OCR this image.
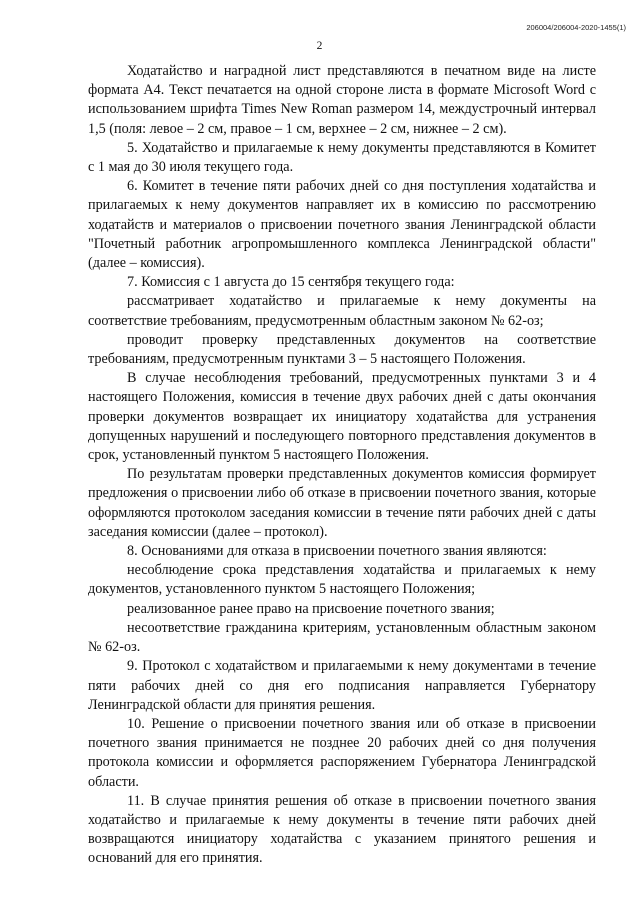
206004/206004-2020-1455(1)
2

Ходатайство и наградной лист представляются в печатном виде на листе формата А4. Текст печатается на одной стороне листа в формате Microsoft Word с использованием шрифта Times New Roman размером 14, междустрочный интервал 1,5 (поля: левое – 2 см, правое – 1 см, верхнее – 2 см, нижнее – 2 см).

5. Ходатайство и прилагаемые к нему документы представляются в Комитет с 1 мая до 30 июля текущего года.

6. Комитет в течение пяти рабочих дней со дня поступления ходатайства и прилагаемых к нему документов направляет их в комиссию по рассмотрению ходатайств и материалов о присвоении почетного звания Ленинградской области "Почетный работник агропромышленного комплекса Ленинградской области" (далее – комиссия).

7. Комиссия с 1 августа до 15 сентября текущего года:

рассматривает ходатайство и прилагаемые к нему документы на соответствие требованиям, предусмотренным областным законом № 62-оз;

проводит проверку представленных документов на соответствие требованиям, предусмотренным пунктами 3 – 5 настоящего Положения.

В случае несоблюдения требований, предусмотренных пунктами 3 и 4 настоящего Положения, комиссия в течение двух рабочих дней с даты окончания проверки документов возвращает их инициатору ходатайства для устранения допущенных нарушений и последующего повторного представления документов в срок, установленный пунктом 5 настоящего Положения.

По результатам проверки представленных документов комиссия формирует предложения о присвоении либо об отказе в присвоении почетного звания, которые оформляются протоколом заседания комиссии в течение пяти рабочих дней с даты заседания комиссии (далее – протокол).

8. Основаниями для отказа в присвоении почетного звания являются:

несоблюдение срока представления ходатайства и прилагаемых к нему документов, установленного пунктом 5 настоящего Положения;

реализованное ранее право на присвоение почетного звания;

несоответствие гражданина критериям, установленным областным законом № 62-оз.

9. Протокол с ходатайством и прилагаемыми к нему документами в течение пяти рабочих дней со дня его подписания направляется Губернатору Ленинградской области для принятия решения.

10. Решение о присвоении почетного звания или об отказе в присвоении почетного звания принимается не позднее 20 рабочих дней со дня получения протокола комиссии и оформляется распоряжением Губернатора Ленинградской области.

11. В случае принятия решения об отказе в присвоении почетного звания ходатайство и прилагаемые к нему документы в течение пяти рабочих дней возвращаются инициатору ходатайства с указанием принятого решения и оснований для его принятия.
